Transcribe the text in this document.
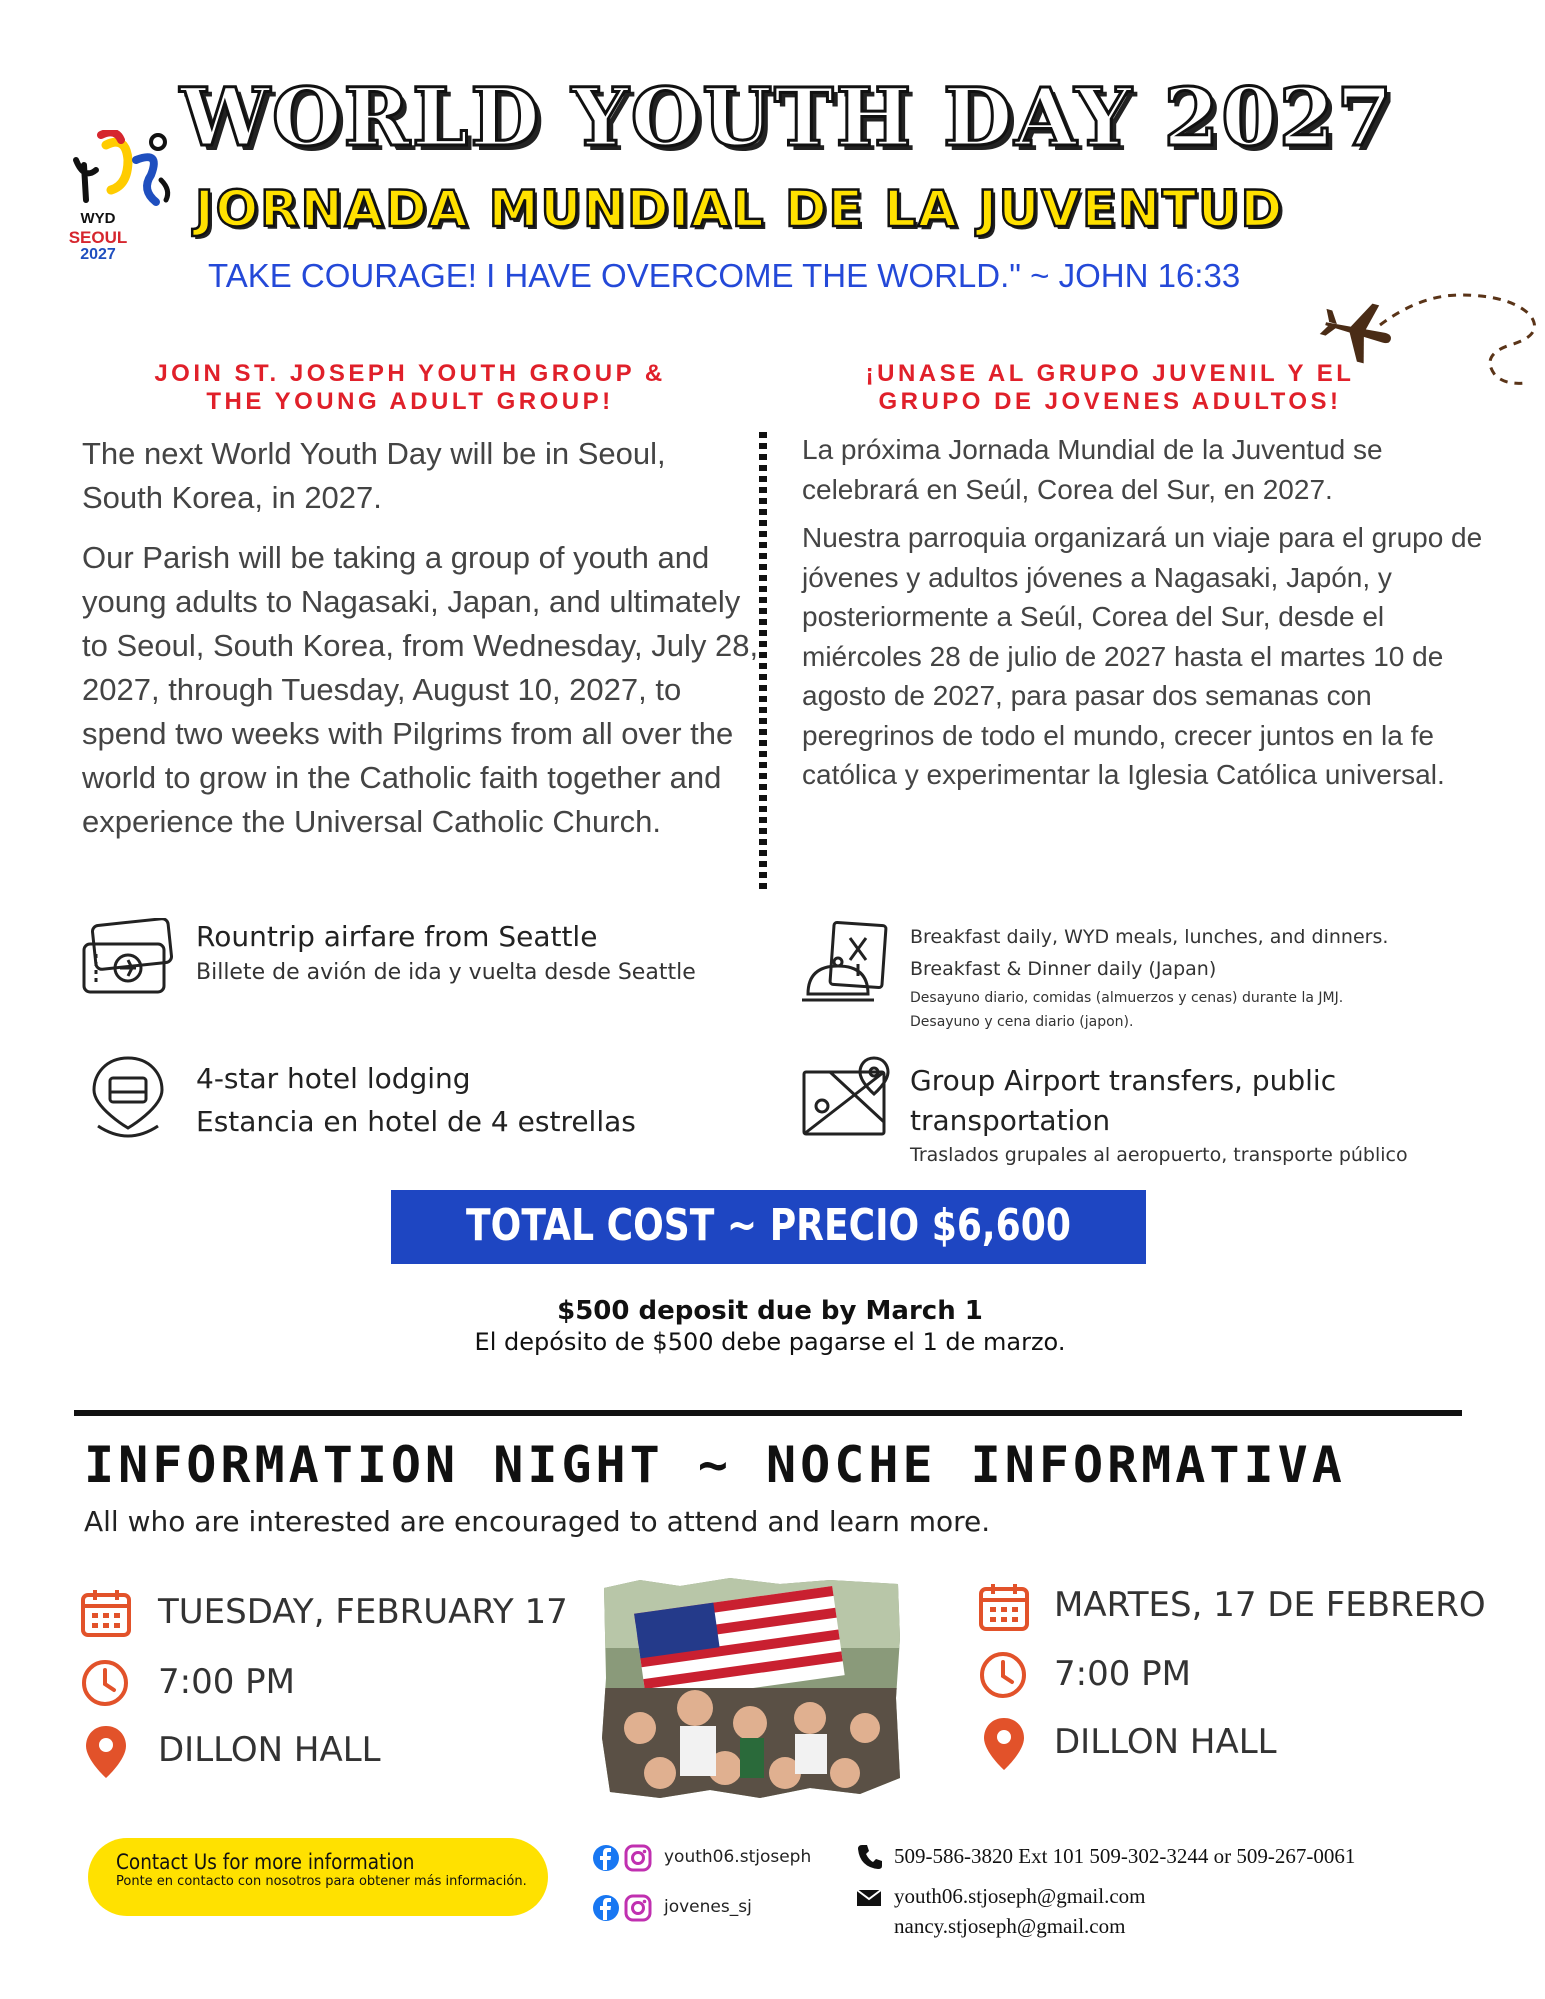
WYD
SEOUL
2027
WORLD YOUTH DAY 2027
JORNADA MUNDIAL DE LA JUVENTUD
TAKE COURAGE! I HAVE OVERCOME THE WORLD." ~ JOHN 16:33
JOIN ST. JOSEPH YOUTH GROUP &
THE YOUNG ADULT GROUP!
¡UNASE AL GRUPO JUVENIL Y EL
GRUPO DE JOVENES ADULTOS!
The next World Youth Day will be in Seoul, South Korea, in 2027.
Our Parish will be taking a group of youth and young adults to Nagasaki, Japan, and ultimately to Seoul, South Korea, from Wednesday, July 28, 2027, through Tuesday, August 10, 2027, to spend two weeks with Pilgrims from all over the world to grow in the Catholic faith together and experience the Universal Catholic Church.
La próxima Jornada Mundial de la Juventud se celebrará en Seúl, Corea del Sur, en 2027.
Nuestra parroquia organizará un viaje para el grupo de jóvenes y adultos jóvenes a Nagasaki, Japón, y posteriormente a Seúl, Corea del Sur, desde el miércoles 28 de julio de 2027 hasta el martes 10 de agosto de 2027, para pasar dos semanas con peregrinos de todo el mundo, crecer juntos en la fe católica y experimentar la Iglesia Católica universal.
Rountrip airfare from Seattle
Billete de avión de ida y vuelta desde Seattle
4-star hotel lodging
Estancia en hotel de 4 estrellas
Breakfast daily, WYD meals, lunches, and dinners.
Breakfast & Dinner daily (Japan)
Desayuno diario, comidas (almuerzos y cenas) durante la JMJ.
Desayuno y cena diario (japon).
Group Airport transfers, public
transportation
Traslados grupales al aeropuerto, transporte público
TOTAL COST ~ PRECIO $6,600
$500 deposit due by March 1
El depósito de $500 debe pagarse el 1 de marzo.
INFORMATION NIGHT ~ NOCHE INFORMATIVA
All who are interested are encouraged to attend and learn more.
TUESDAY, FEBRUARY 17
7:00 PM
DILLON HALL
MARTES, 17 DE FEBRERO
7:00 PM
DILLON HALL
Contact Us for more information
Ponte en contacto con nosotros para obtener más información.
youth06.stjoseph
jovenes_sj
509-586-3820 Ext 101 509-302-3244 or 509-267-0061
youth06.stjoseph@gmail.com
nancy.stjoseph@gmail.com
